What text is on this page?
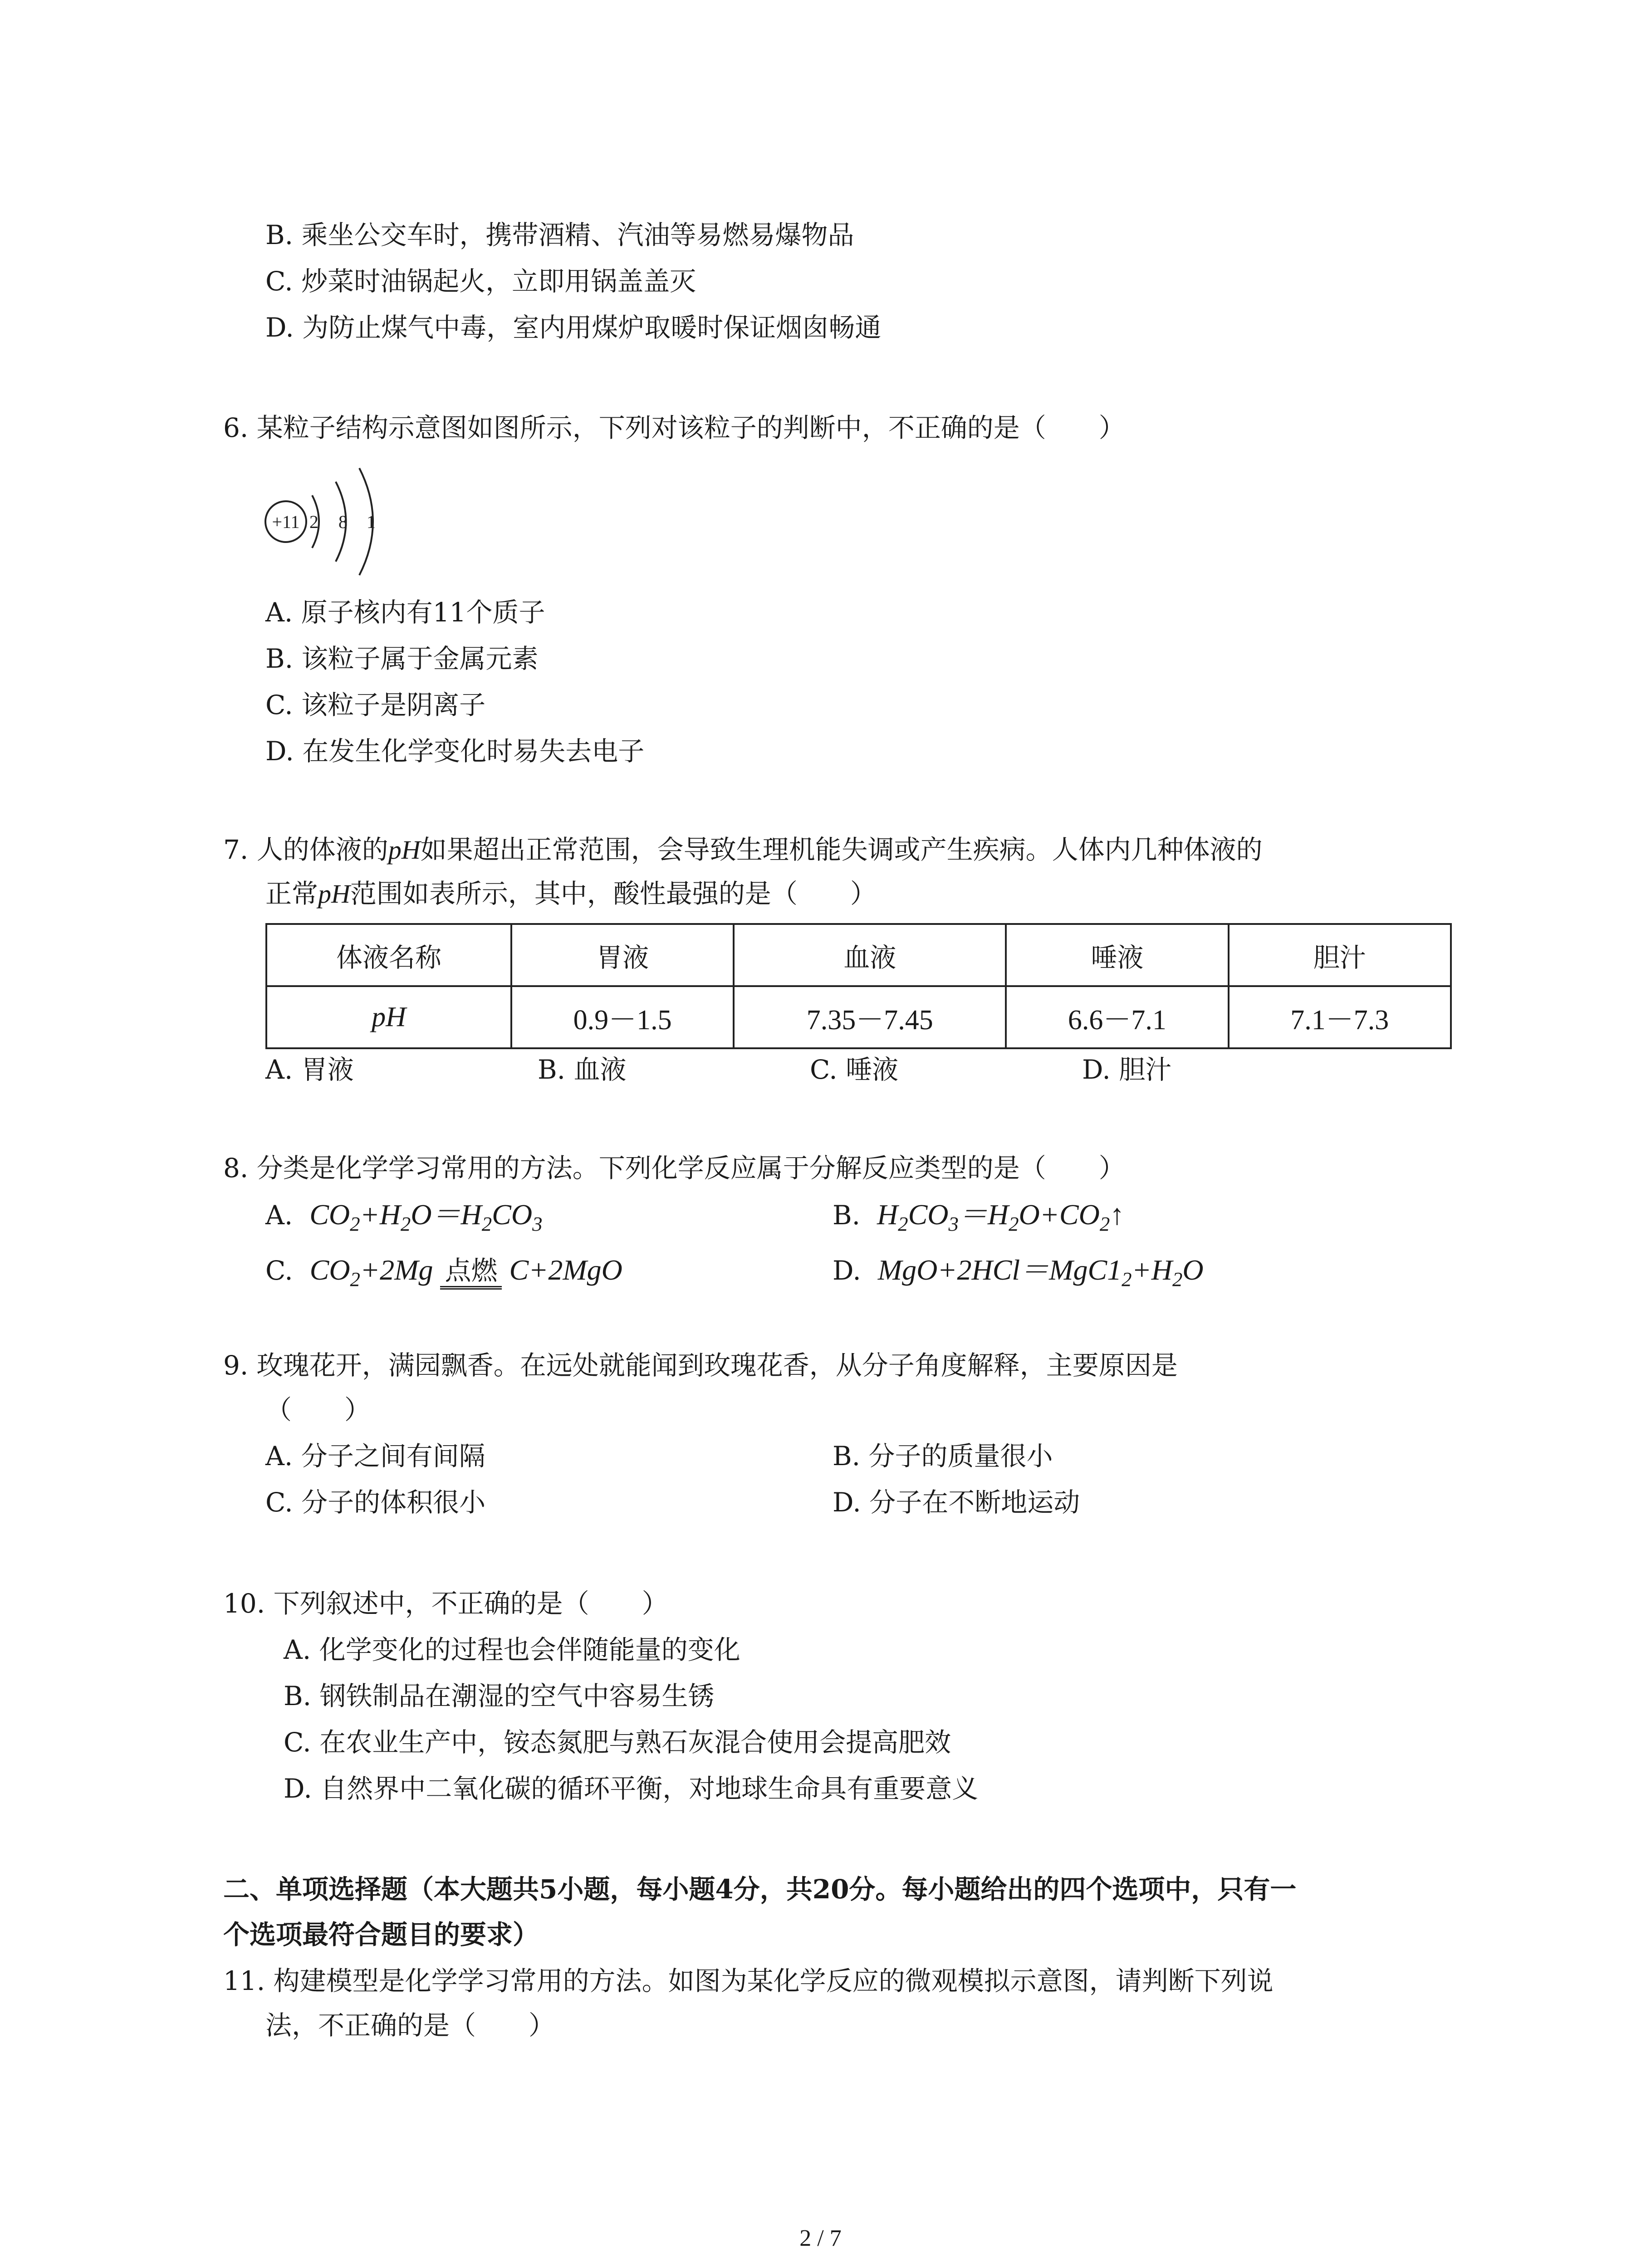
B. 乘坐公交车时，携带酒精、汽油等易燃易爆物品
C. 炒菜时油锅起火，立即用锅盖盖灭
D. 为防止煤气中毒，室内用煤炉取暖时保证烟囱畅通
6. 某粒子结构示意图如图所示，下列对该粒子的判断中，不正确的是（　　）
+11 2 8 1
A. 原子核内有11个质子
B. 该粒子属于金属元素
C. 该粒子是阴离子
D. 在发生化学变化时易失去电子
7. 人的体液的pH如果超出正常范围，会导致生理机能失调或产生疾病。人体内几种体液的
正常pH范围如表所示，其中，酸性最强的是（　　）
体液名称	胃液	血液	唾液	胆汁
pH	0.9－1.5	7.35－7.45	6.6－7.1	7.1－7.3
A. 胃液	B. 血液	C. 唾液	D. 胆汁
8. 分类是化学学习常用的方法。下列化学反应属于分解反应类型的是（　　）
A. $CO_2+H_2O=H_2CO_3$	B. $H_2CO_3=H_2O+CO_2↑$
C. $CO_2+2Mg$ 点燃 C+2MgO	D. $MgO+2HCl=MgC1_2+H_2O$
9. 玫瑰花开，满园飘香。在远处就能闻到玫瑰花香，从分子角度解释，主要原因是
（　　）
A. 分子之间有间隔	B. 分子的质量很小
C. 分子的体积很小	D. 分子在不断地运动
10. 下列叙述中，不正确的是（　　）
A. 化学变化的过程也会伴随能量的变化
B. 钢铁制品在潮湿的空气中容易生锈
C. 在农业生产中，铵态氮肥与熟石灰混合使用会提高肥效
D. 自然界中二氧化碳的循环平衡，对地球生命具有重要意义
二、单项选择题（本大题共5小题，每小题4分，共20分。每小题给出的四个选项中，只有一
个选项最符合题目的要求）
11. 构建模型是化学学习常用的方法。如图为某化学反应的微观模拟示意图，请判断下列说
法，不正确的是（　　）
2 / 7
